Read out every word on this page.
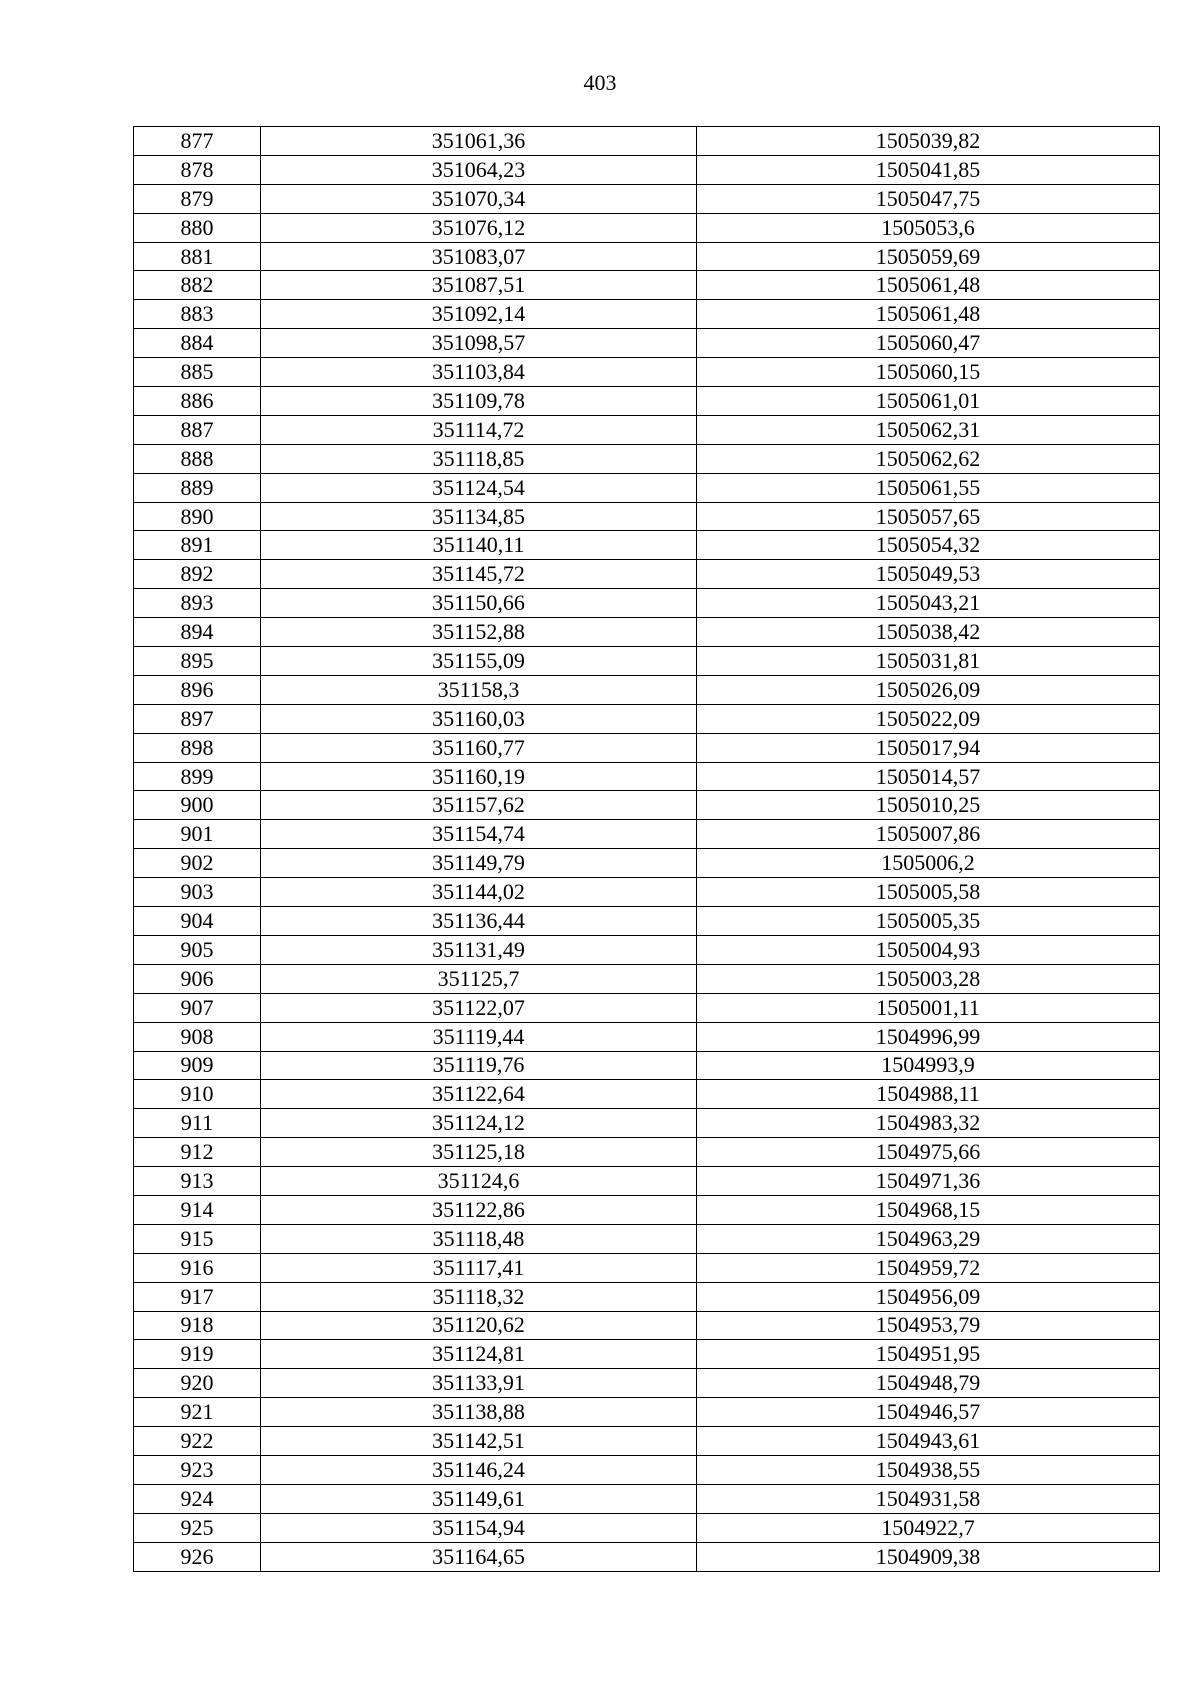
403
877	351061,36	1505039,82
878	351064,23	1505041,85
879	351070,34	1505047,75
880	351076,12	1505053,6
881	351083,07	1505059,69
882	351087,51	1505061,48
883	351092,14	1505061,48
884	351098,57	1505060,47
885	351103,84	1505060,15
886	351109,78	1505061,01
887	351114,72	1505062,31
888	351118,85	1505062,62
889	351124,54	1505061,55
890	351134,85	1505057,65
891	351140,11	1505054,32
892	351145,72	1505049,53
893	351150,66	1505043,21
894	351152,88	1505038,42
895	351155,09	1505031,81
896	351158,3	1505026,09
897	351160,03	1505022,09
898	351160,77	1505017,94
899	351160,19	1505014,57
900	351157,62	1505010,25
901	351154,74	1505007,86
902	351149,79	1505006,2
903	351144,02	1505005,58
904	351136,44	1505005,35
905	351131,49	1505004,93
906	351125,7	1505003,28
907	351122,07	1505001,11
908	351119,44	1504996,99
909	351119,76	1504993,9
910	351122,64	1504988,11
911	351124,12	1504983,32
912	351125,18	1504975,66
913	351124,6	1504971,36
914	351122,86	1504968,15
915	351118,48	1504963,29
916	351117,41	1504959,72
917	351118,32	1504956,09
918	351120,62	1504953,79
919	351124,81	1504951,95
920	351133,91	1504948,79
921	351138,88	1504946,57
922	351142,51	1504943,61
923	351146,24	1504938,55
924	351149,61	1504931,58
925	351154,94	1504922,7
926	351164,65	1504909,38
